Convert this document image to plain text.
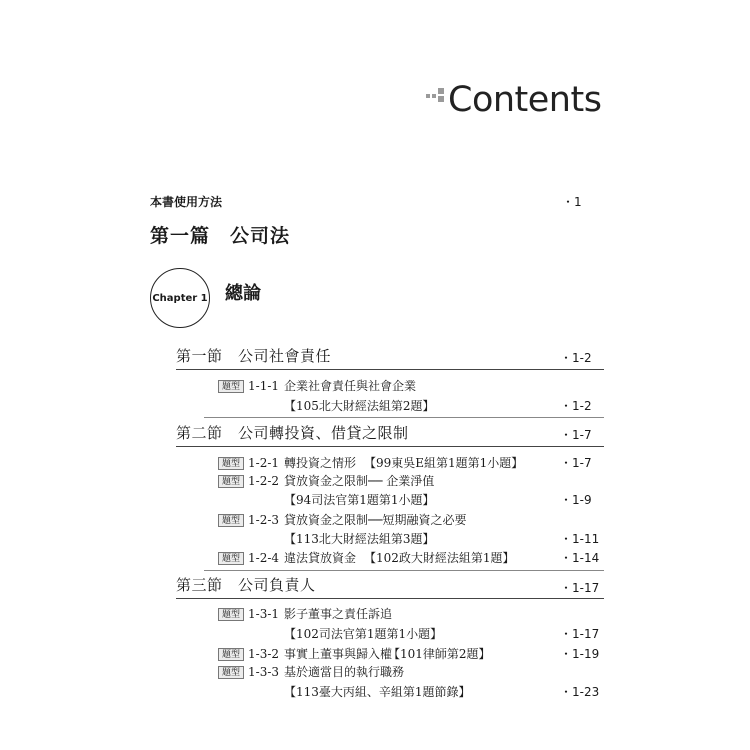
Contents
本書使用方法	・1
第一篇　公司法
Chapter 1 總論
第一節　 公司社會責任	・1-2
題型 1-1-1 企業社會責任與社會企業
【105北大財經法組第2題】	・1-2
第二節　 公司轉投資、借貸之限制	・1-7
題型 1-2-1 轉投資之情形 【99東吳E組第1題第1小題】	・1-7
題型 1-2-2 貸放資金之限制── 企業淨值
【94司法官第1題第1小題】	・1-9
題型 1-2-3 貸放資金之限制──短期融資之必要
【113北大財經法組第3題】	・1-11
題型 1-2-4 違法貸放資金 【102政大財經法組第1題】	・1-14
第三節　 公司負責人	・1-17
題型 1-3-1 影子董事之責任訴追
【102司法官第1題第1小題】	・1-17
題型 1-3-2 事實上董事與歸入權
【101律師第2題】	・1-19
題型 1-3-3 基於適當目的執行職務
【113臺大丙組、辛組第1題節錄】	・1-23
